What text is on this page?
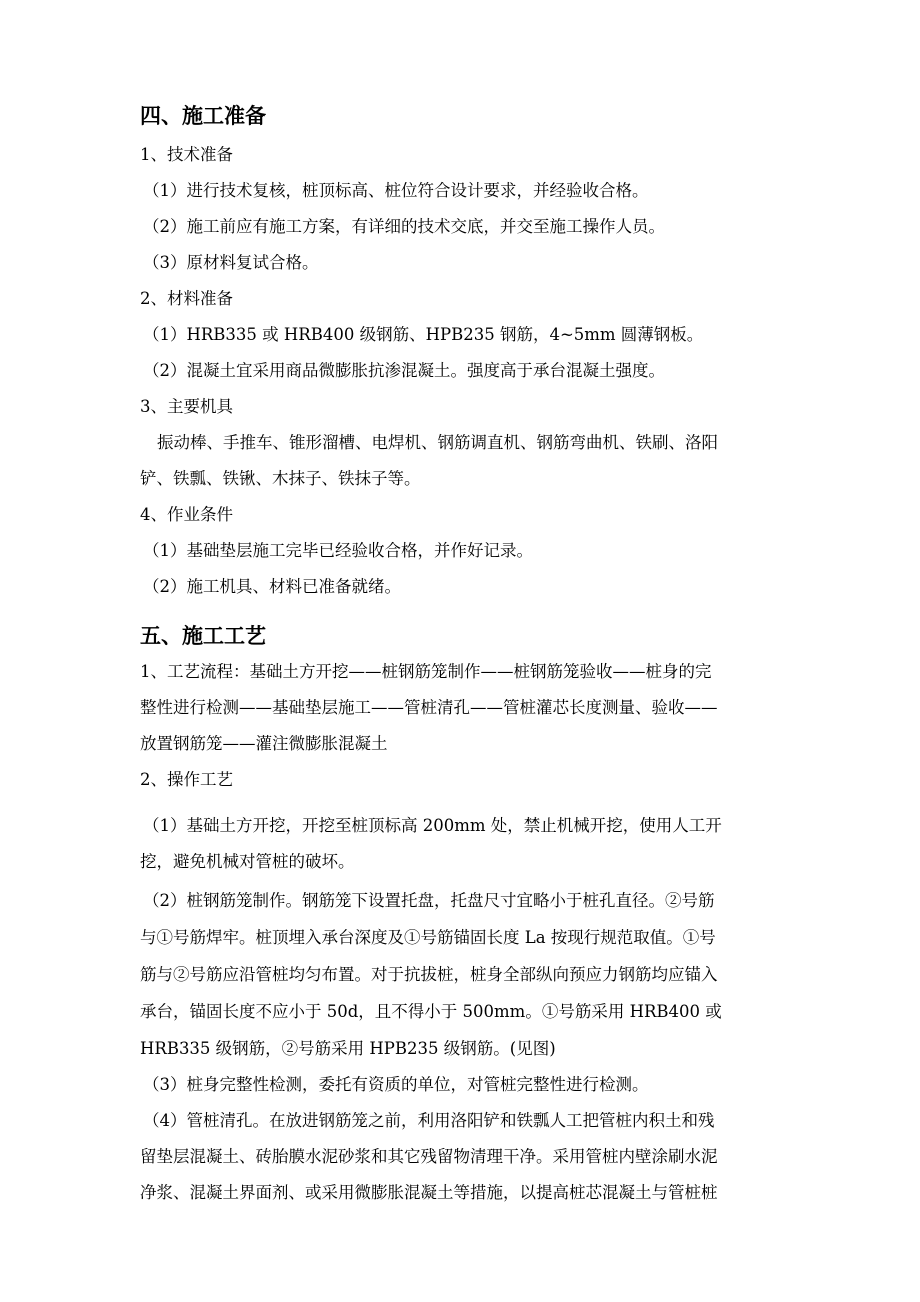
四、施工准备
1、技术准备
（1）进行技术复核，桩顶标高、桩位符合设计要求，并经验收合格。
（2）施工前应有施工方案，有详细的技术交底，并交至施工操作人员。
（3）原材料复试合格。
2、材料准备
（1）HRB335 或 HRB400 级钢筋、HPB235 钢筋，4~5mm 圆薄钢板。
（2）混凝土宜采用商品微膨胀抗渗混凝土。强度高于承台混凝土强度。
3、主要机具
振动棒、手推车、锥形溜槽、电焊机、钢筋调直机、钢筋弯曲机、铁刷、洛阳
铲、铁瓢、铁锹、木抹子、铁抹子等。
4、作业条件
（1）基础垫层施工完毕已经验收合格，并作好记录。
（2）施工机具、材料已准备就绪。
五、施工工艺
1、工艺流程：基础土方开挖——桩钢筋笼制作——桩钢筋笼验收——桩身的完
整性进行检测——基础垫层施工——管桩清孔——管桩灌芯长度测量、验收——
放置钢筋笼——灌注微膨胀混凝土
2、操作工艺
（1）基础土方开挖，开挖至桩顶标高 200mm 处，禁止机械开挖，使用人工开
挖，避免机械对管桩的破坏。
（2）桩钢筋笼制作。钢筋笼下设置托盘，托盘尺寸宜略小于桩孔直径。②号筋
与①号筋焊牢。桩顶埋入承台深度及①号筋锚固长度 La 按现行规范取值。①号
筋与②号筋应沿管桩均匀布置。对于抗拔桩，桩身全部纵向预应力钢筋均应锚入
承台，锚固长度不应小于 50d，且不得小于 500mm。①号筋采用 HRB400 或
HRB335 级钢筋，②号筋采用 HPB235 级钢筋。(见图)
（3）桩身完整性检测，委托有资质的单位，对管桩完整性进行检测。
（4）管桩清孔。在放进钢筋笼之前，利用洛阳铲和铁瓢人工把管桩内积土和残
留垫层混凝土、砖胎膜水泥砂浆和其它残留物清理干净。采用管桩内壁涂刷水泥
净浆、混凝土界面剂、或采用微膨胀混凝土等措施，以提高桩芯混凝土与管桩桩
